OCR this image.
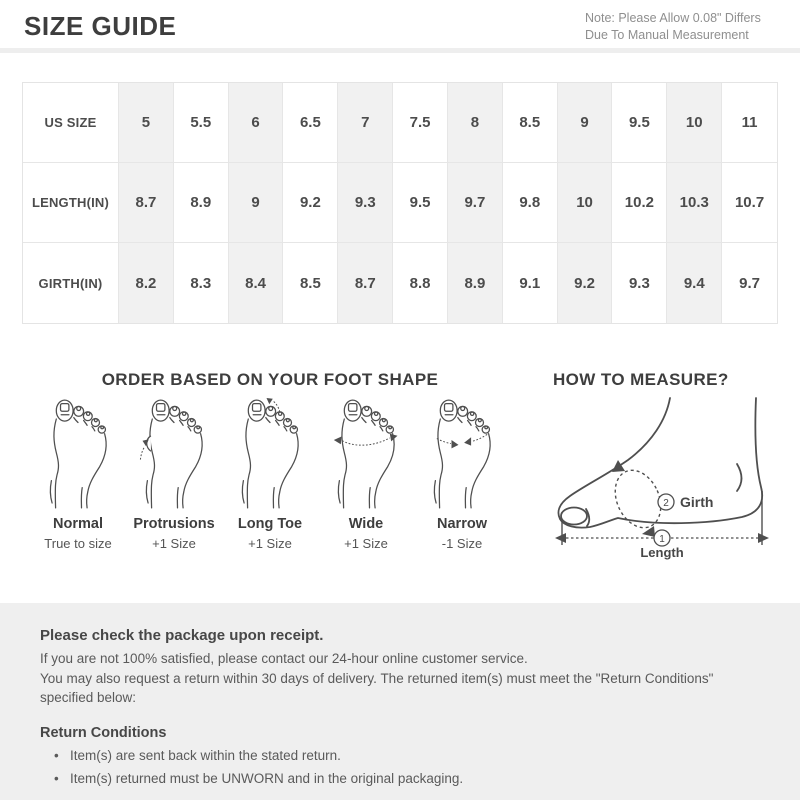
SIZE GUIDE	Note: Please Allow 0.08" Differs
Due To Manual Measurement
US SIZE	5	5.5	6	6.5	7	7.5	8	8.5	9	9.5 10	11
LENGTH(IN) 8.7 8.9	9	9.2 9.3 9.5 9.7 9.8 10 10.2 10.3 10.7
GIRTH(IN) 8.2 8.3 8.4 8.5 8.7 8.8 8.9 9.1 9.2 9.3 9.4 9.7
ORDER BASED ON YOUR FOOT SHAPE	HOW TO MEASURE?
Normal
True to size
Protrusions
+1 Size
Long Toe
+1 Size
Wide
+1 Size
Narrow
-1 Size
2 Girth
1
Length
Please check the package upon receipt.
If you are not 100% satisfied, please contact our 24-hour online customer service.
You may also request a return within 30 days of delivery. The returned item(s) must meet the "Return Conditions"
specified below:
Return Conditions
• Item(s) are sent back within the stated return.
• Item(s) returned must be UNWORN and in the original packaging.
